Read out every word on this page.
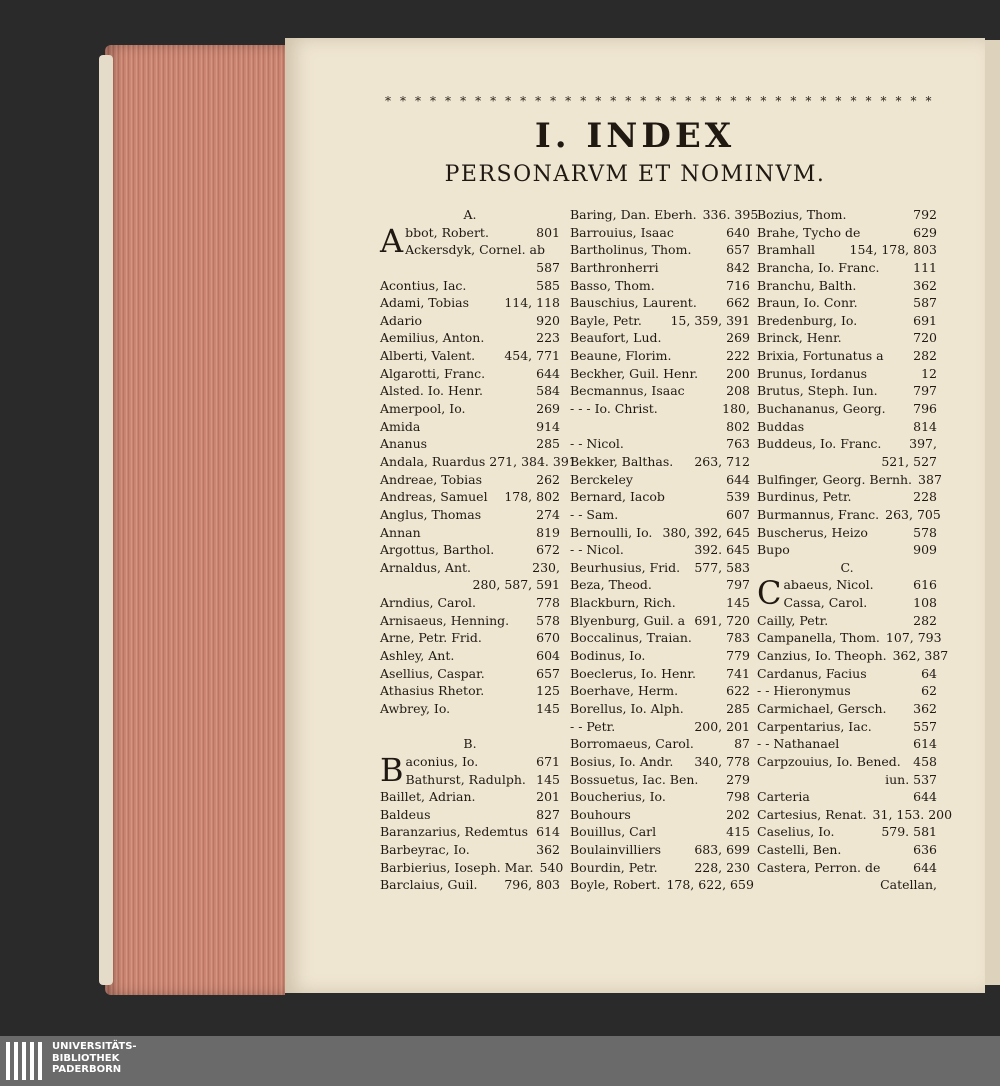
* * * * * * * * * * * * * * * * * * * * * * * * * * * * * * * * * * * * *
I. INDEX
PERSONARVM ET NOMINVM.
A.
A bbot, Robert.	801
Ackersdyk, Cornel. ab
587
Acontius, Iac.	585
Adami, Tobias	114, 118
Adario	920
Aemilius, Anton.	223
Alberti, Valent.	454, 771
Algarotti, Franc.	644
Alsted. Io. Henr.	584
Amerpool, Io.	269
Amida	914
Ananus	285
Andala, Ruardus 271, 384. 391
Andreae, Tobias	262
Andreas, Samuel	178, 802
Anglus, Thomas	274
Annan	819
Argottus, Barthol.	672
Arnaldus, Ant.	230,
280, 587, 591
Arndius, Carol.	778
Arnisaeus, Henning.	578
Arne, Petr. Frid.	670
Ashley, Ant.	604
Asellius, Caspar.	657
Athasius Rhetor.	125
Awbrey, Io.	145
B.
B aconius, Io.	671
Bathurst, Radulph. 145
Baillet, Adrian.	201
Baldeus	827
Baranzarius, Redemtus 614
Barbeyrac, Io.	362
Barbierius, Ioseph. Mar. 540
Barclaius, Guil.	796, 803
Baring, Dan. Eberh. 336. 395
Barrouius, Isaac	640
Bartholinus, Thom.	657
Barthronherri	842
Basso, Thom.	716
Bauschius, Laurent.	662
Bayle, Petr.	15, 359, 391
Beaufort, Lud.	269
Beaune, Florim.	222
Beckher, Guil. Henr.	200
Becmannus, Isaac	208
- - - Io. Christ.	180,
802
- - Nicol.	763
Bekker, Balthas.	263, 712
Berckeley	644
Bernard, Iacob	539
- - Sam.	607
Bernoulli, Io. 380, 392, 645
- - Nicol.	392. 645
Beurhusius, Frid.	577, 583
Beza, Theod.	797
Blackburn, Rich.	145
Blyenburg, Guil. a 691, 720
Boccalinus, Traian.	783
Bodinus, Io.	779
Boeclerus, Io. Henr.	741
Boerhave, Herm.	622
Borellus, Io. Alph.	285
- - Petr.	200, 201
Borromaeus, Carol.	87
Bosius, Io. Andr.	340, 778
Bossuetus, Iac. Ben.	279
Boucherius, Io.	798
Bouhours	202
Bouillus, Carl	415
Boulainvilliers	683, 699
Bourdin, Petr.	228, 230
Boyle, Robert. 178, 622, 659
Bozius, Thom.	792
Brahe, Tycho de	629
Bramhall	154, 178, 803
Brancha, Io. Franc.	111
Branchu, Balth.	362
Braun, Io. Conr.	587
Bredenburg, Io.	691
Brinck, Henr.	720
Brixia, Fortunatus a	282
Brunus, Iordanus	12
Brutus, Steph. Iun.	797
Buchananus, Georg.	796
Buddas	814
Buddeus, Io. Franc.	397,
521, 527
Bulfinger, Georg. Bernh. 387
Burdinus, Petr.	228
Burmannus, Franc. 263, 705
Buscherus, Heizo	578
Bupo	909
C.
C abaeus, Nicol.	616
Cassa, Carol.	108
Cailly, Petr.	282
Campanella, Thom. 107, 793
Canzius, Io. Theoph. 362, 387
Cardanus, Facius	64
- - Hieronymus	62
Carmichael, Gersch.	362
Carpentarius, Iac.	557
- - Nathanael	614
Carpzouius, Io. Bened. 458
iun. 537
Carteria	644
Cartesius, Renat. 31, 153. 200
Caselius, Io.	579. 581
Castelli, Ben.	636
Castera, Perron. de	644
Catellan,
UNIVERSITÄTS-
BIBLIOTHEK
PADERBORN
